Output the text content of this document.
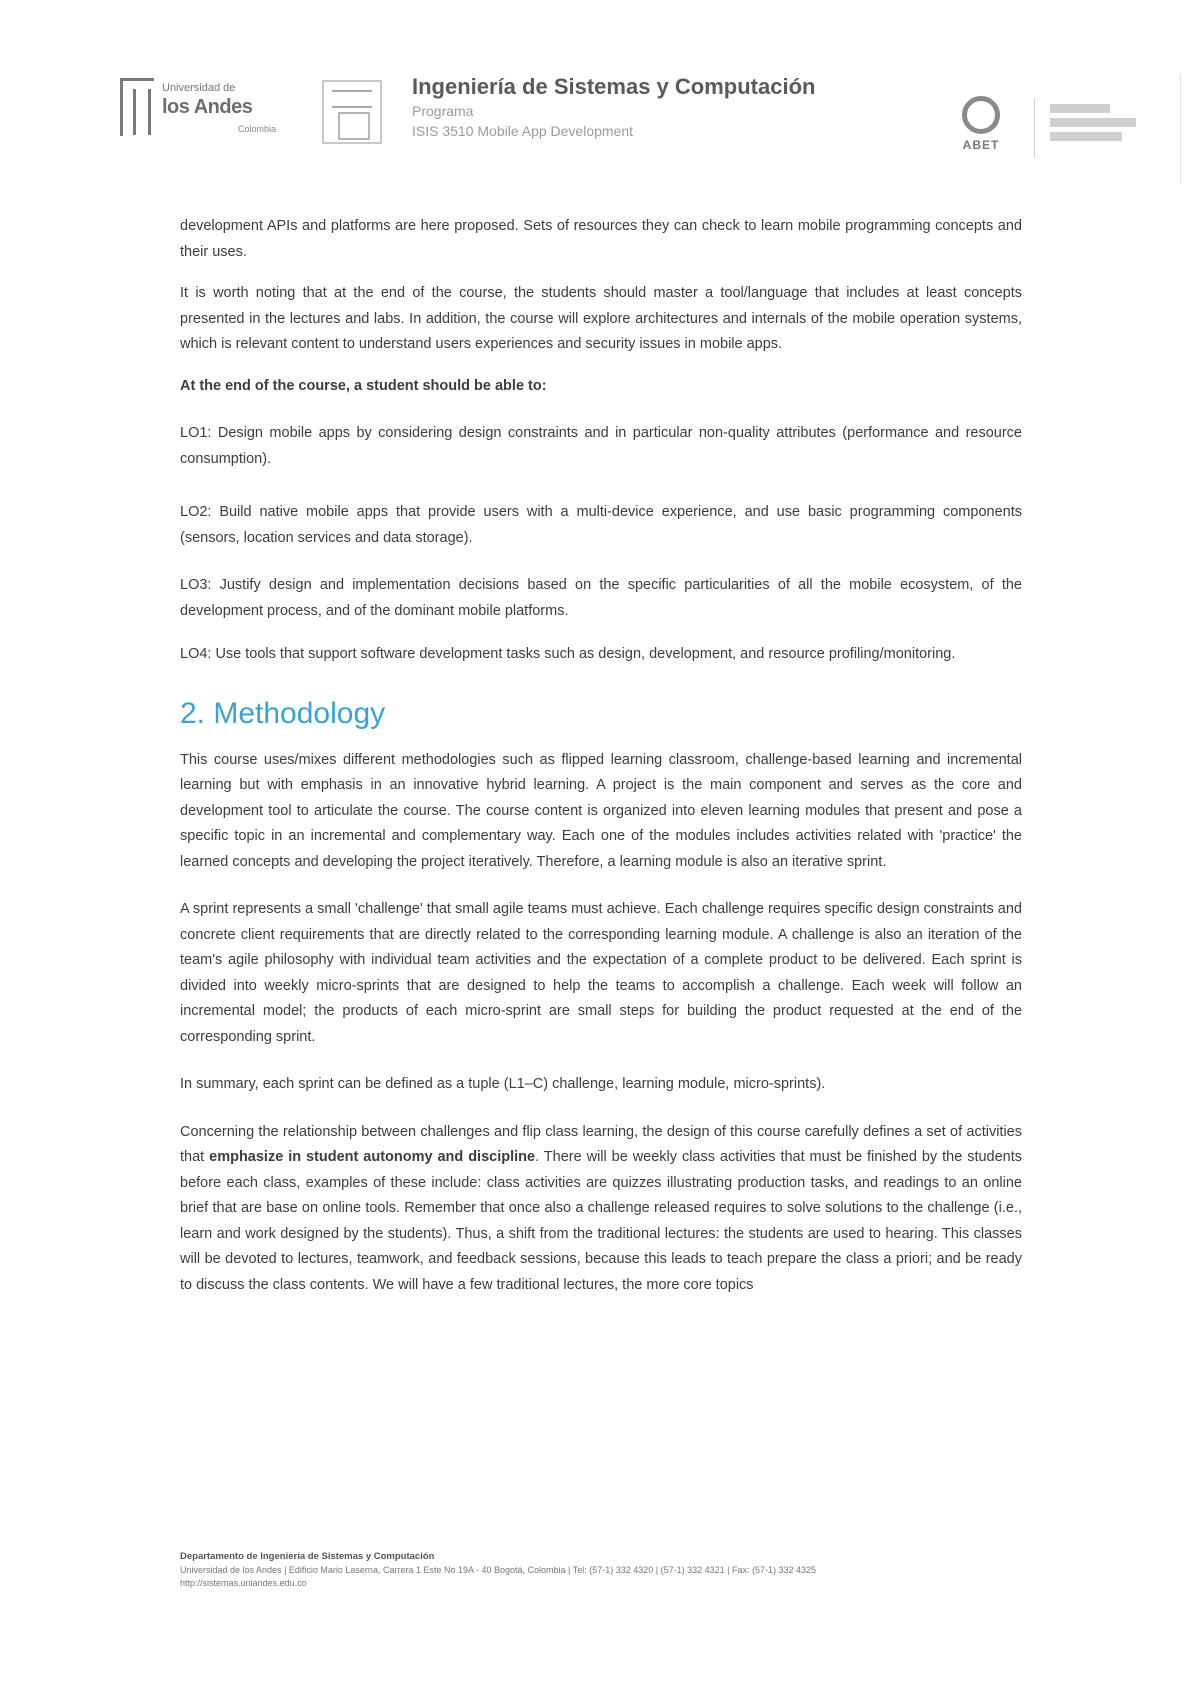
Universidad de
los Andes
Colombia
Ingeniería de Sistemas y Computación
Programa
ISIS 3510 Mobile App Development
ABET

development APIs and platforms are here proposed. Sets of resources they can check to learn mobile programming concepts and their uses.

It is worth noting that at the end of the course, the students should master a tool/language that includes at least concepts presented in the lectures and labs. In addition, the course will explore architectures and internals of the mobile operation systems, which is relevant content to understand users experiences and security issues in mobile apps.

At the end of the course, a student should be able to:

LO1: Design mobile apps by considering design constraints and in particular non-quality attributes (performance and resource consumption).

LO2: Build native mobile apps that provide users with a multi-device experience, and use basic programming components (sensors, location services and data storage).

LO3: Justify design and implementation decisions based on the specific particularities of all the mobile ecosystem, of the development process, and of the dominant mobile platforms.

LO4: Use tools that support software development tasks such as design, development, and resource profiling/monitoring.

2. Methodology

This course uses/mixes different methodologies such as flipped learning classroom, challenge-based learning and incremental learning but with emphasis in an innovative hybrid learning. A project is the main component and serves as the core and development tool to articulate the course. The course content is organized into eleven learning modules that present and pose a specific topic in an incremental and complementary way. Each one of the modules includes activities related with 'practice' the learned concepts and developing the project iteratively. Therefore, a learning module is also an iterative sprint.

A sprint represents a small 'challenge' that small agile teams must achieve. Each challenge requires specific design constraints and concrete client requirements that are directly related to the corresponding learning module. A challenge is also an iteration of the team's agile philosophy with individual team activities and the expectation of a complete product to be delivered. Each sprint is divided into weekly micro-sprints that are designed to help the teams to accomplish a challenge. Each week will follow an incremental model; the products of each micro-sprint are small steps for building the product requested at the end of the corresponding sprint.

In summary, each sprint can be defined as a tuple (L1–C) challenge, learning module, micro-sprints).

Concerning the relationship between challenges and flip class learning, the design of this course carefully defines a set of activities that emphasize in student autonomy and discipline. There will be weekly class activities that must be finished by the students before each class, examples of these include: class activities are quizzes illustrating production tasks, and readings to an online brief that are base on online tools. Remember that once also a challenge released requires to solve solutions to the challenge (i.e., learn and work designed by the students). Thus, a shift from the traditional lectures: the students are used to hearing. This classes will be devoted to lectures, teamwork, and feedback sessions, because this leads to teach prepare the class a priori; and be ready to discuss the class contents. We will have a few traditional lectures, the more core topics

Departamento de Ingeniería de Sistemas y Computación
Universidad de los Andes | Edificio Mario Laserna, Carrera 1 Este No 19A - 40 Bogotá, Colombia | Tel: (57-1) 332 4320 | (57-1) 332 4321 | Fax: (57-1) 332 4325
http://sistemas.uniandes.edu.co
